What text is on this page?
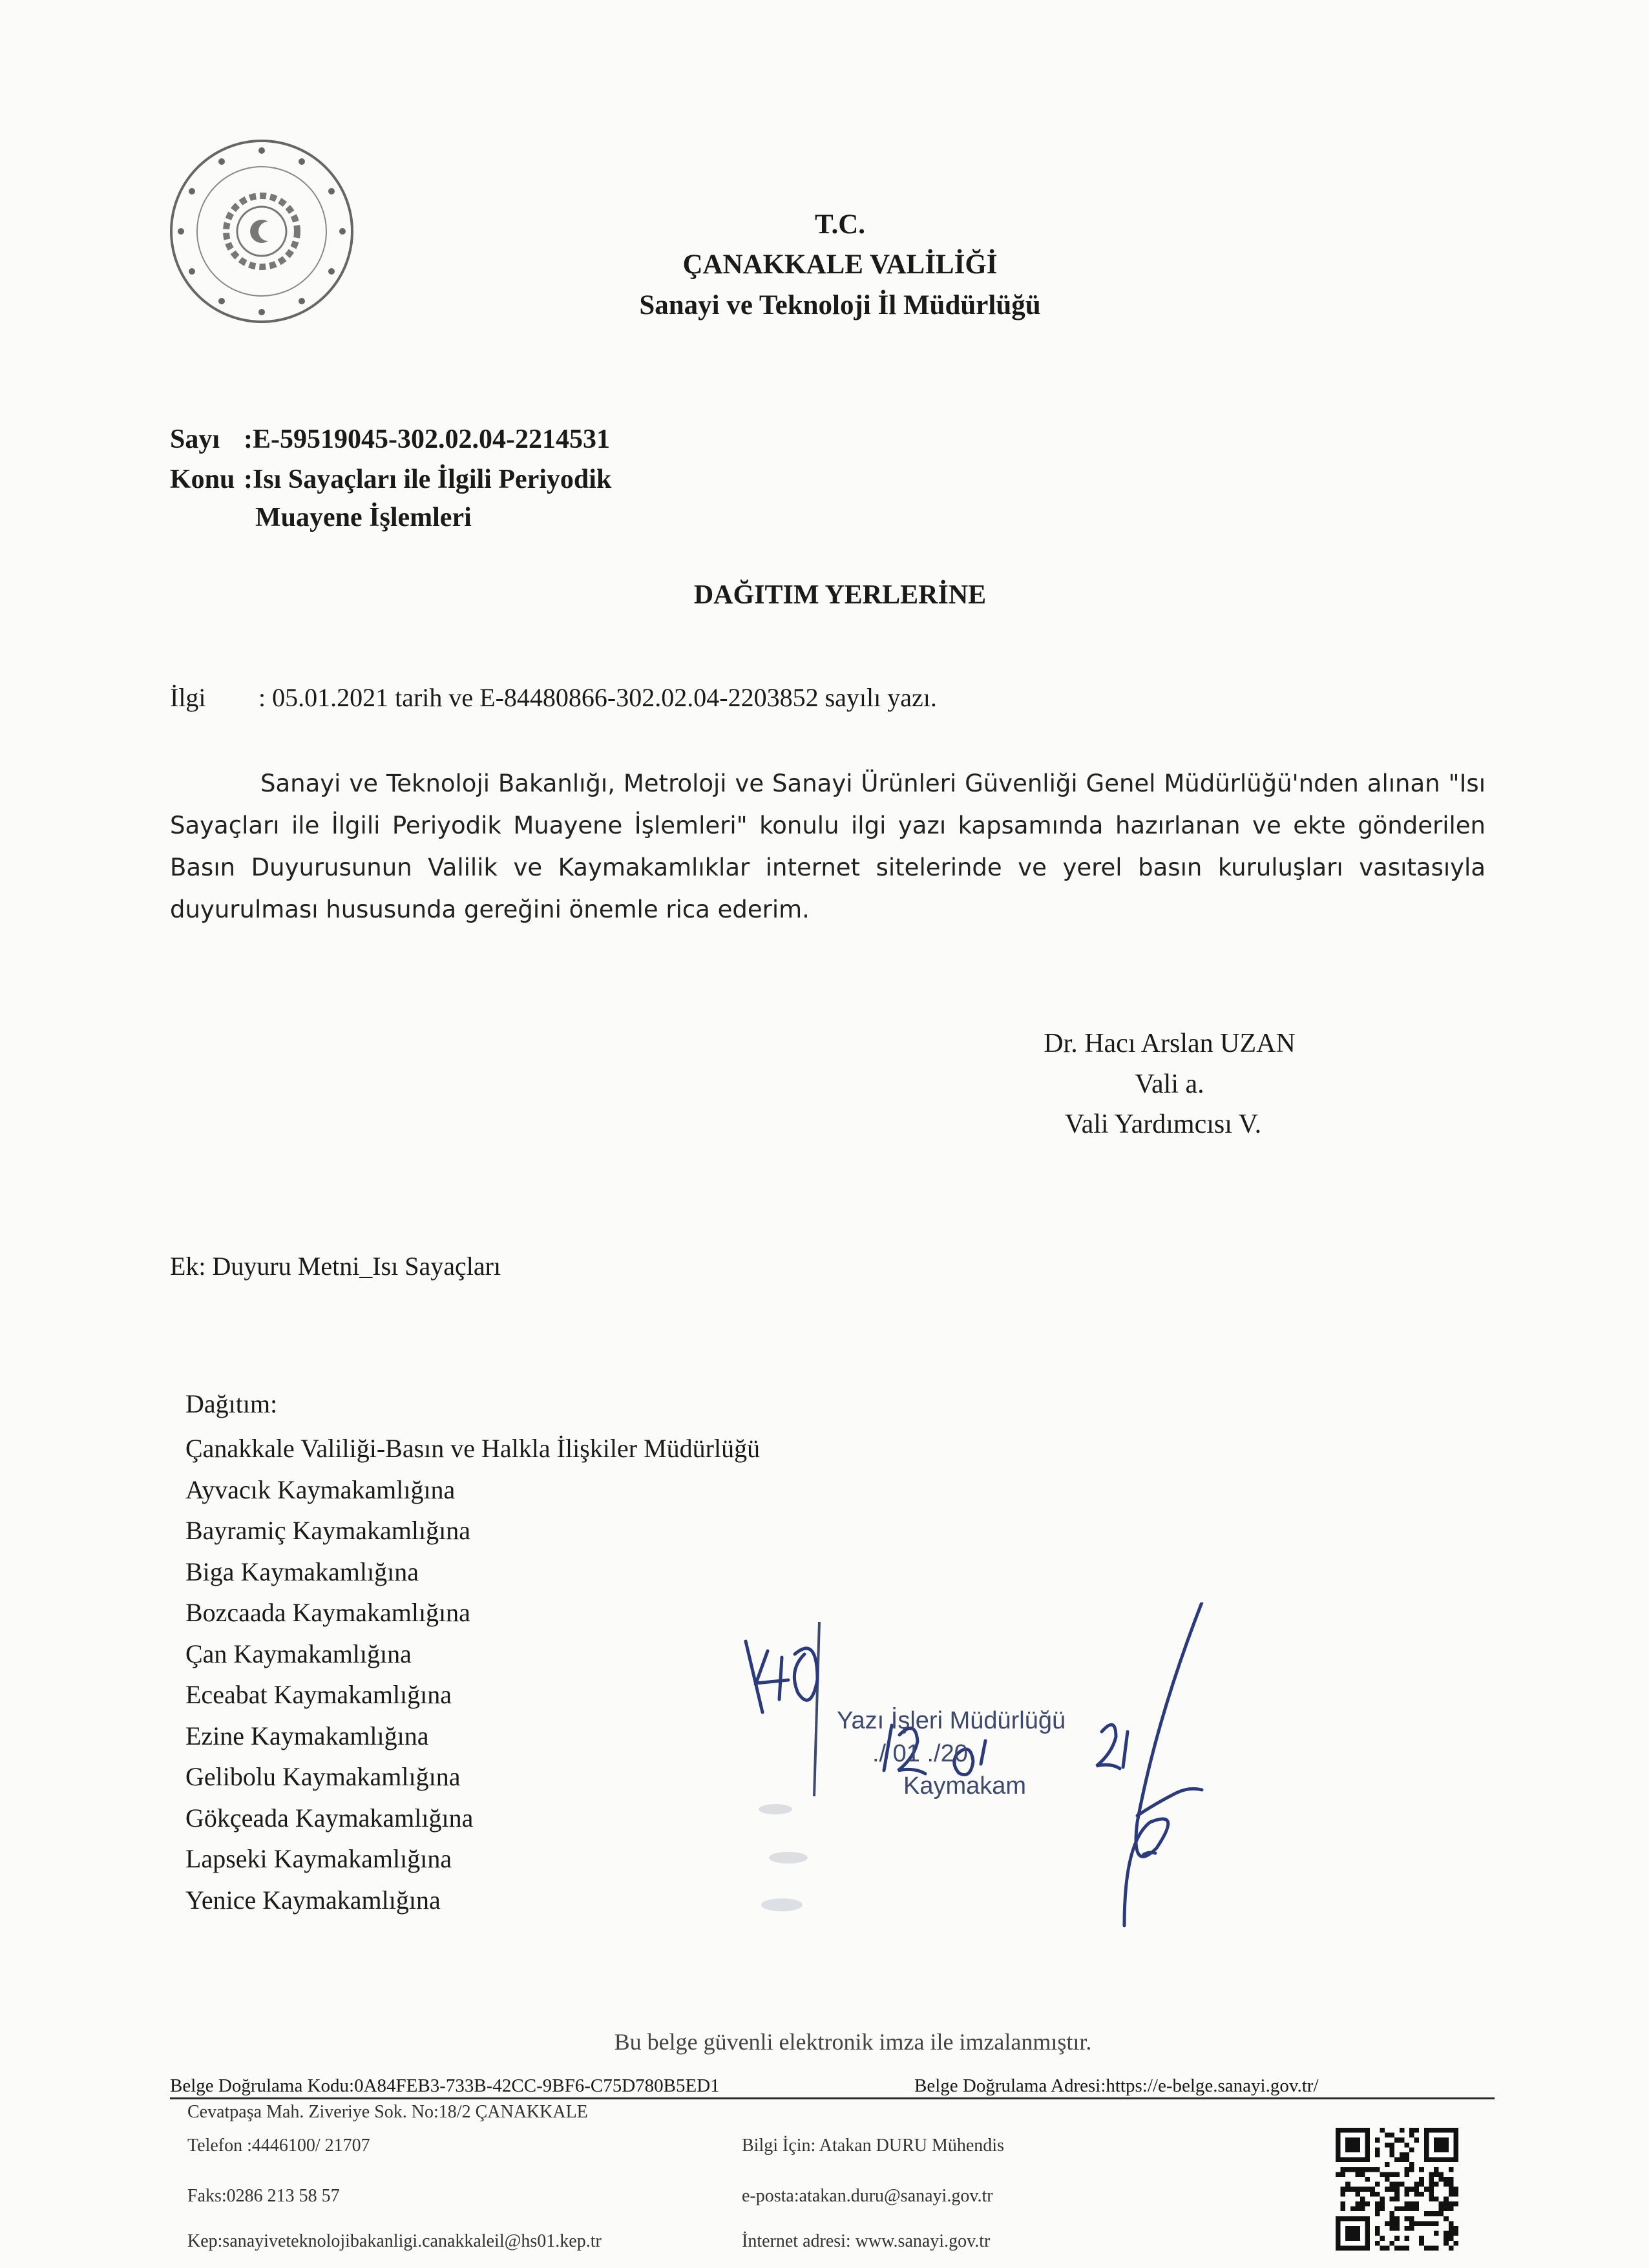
T.C.
ÇANAKKALE VALİLİĞİ
Sanayi ve Teknoloji İl Müdürlüğü
Sayı :E-59519045-302.02.04-2214531
Konu :Isı Sayaçları ile İlgili Periyodik
Muayene İşlemleri
DAĞITIM YERLERİNE
İlgi : 05.01.2021 tarih ve E-84480866-302.02.04-2203852 sayılı yazı.
Sanayi ve Teknoloji Bakanlığı, Metroloji ve Sanayi Ürünleri Güvenliği Genel Müdürlüğü'nden alınan "Isı Sayaçları ile İlgili Periyodik Muayene İşlemleri" konulu ilgi yazı kapsamında hazırlanan ve ekte gönderilen Basın Duyurusunun Valilik ve Kaymakamlıklar internet sitelerinde ve yerel basın kuruluşları vasıtasıyla duyurulması hususunda gereğini önemle rica ederim.
Dr. Hacı Arslan UZAN
Vali a.
Vali Yardımcısı V.
Ek: Duyuru Metni_Isı Sayaçları
Dağıtım:
Çanakkale Valiliği-Basın ve Halkla İlişkiler Müdürlüğü
Ayvacık Kaymakamlığına
Bayramiç Kaymakamlığına
Biga Kaymakamlığına
Bozcaada Kaymakamlığına
Çan Kaymakamlığına
Eceabat Kaymakamlığına
Ezine Kaymakamlığına
Gelibolu Kaymakamlığına
Gökçeada Kaymakamlığına
Lapseki Kaymakamlığına
Yenice Kaymakamlığına
Yazı İşleri Müdürlüğü
./ 01 ./20
Kaymakam
Bu belge güvenli elektronik imza ile imzalanmıştır.
Belge Doğrulama Kodu:0A84FEB3-733B-42CC-9BF6-C75D780B5ED1	Belge Doğrulama Adresi:https://e-belge.sanayi.gov.tr/
Cevatpaşa Mah. Ziveriye Sok. No:18/2 ÇANAKKALE
Telefon :4446100/ 21707
Faks:0286 213 58 57
Kep:sanayiveteknolojibakanligi.canakkaleil@hs01.kep.tr
Bilgi İçin: Atakan DURU Mühendis
e-posta:atakan.duru@sanayi.gov.tr
İnternet adresi: www.sanayi.gov.tr
